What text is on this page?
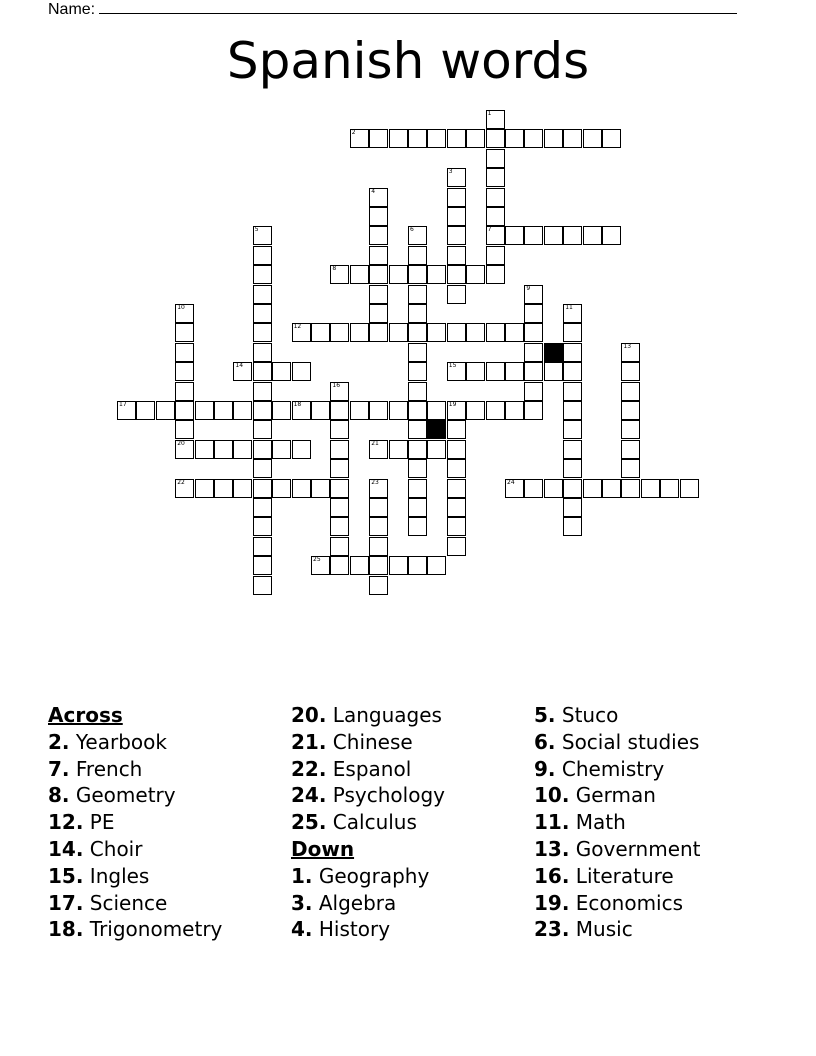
Name:
Spanish words
2
7
8
12
14	15
17	18	19
20	21
22	24
25
1
3
4
5	6
9
10	11
13
16
23
Across
2. Yearbook
7. French
8. Geometry
12. PE
14. Choir
15. Ingles
17. Science
18. Trigonometry
20. Languages
21. Chinese
22. Espanol
24. Psychology
25. Calculus
Down
1. Geography
3. Algebra
4. History
5. Stuco
6. Social studies
9. Chemistry
10. German
11. Math
13. Government
16. Literature
19. Economics
23. Music
